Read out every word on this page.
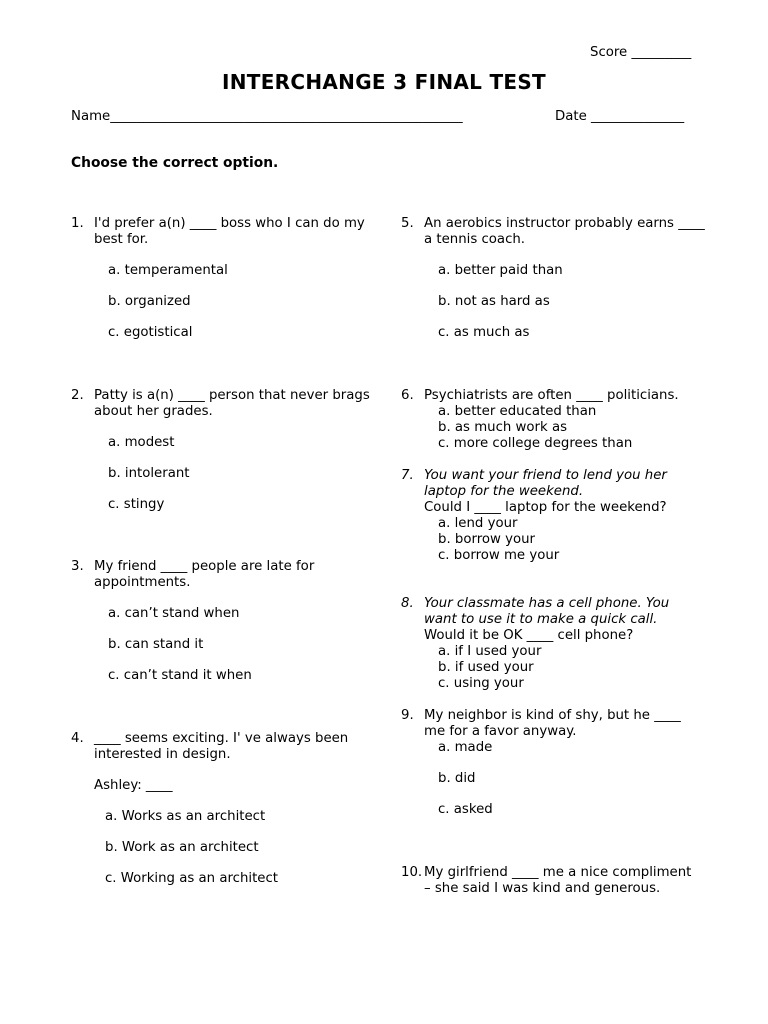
Score _________
INTERCHANGE 3 FINAL TEST
Name_____________________________________________________	Date ______________
Choose the correct option.
1. I'd prefer a(n) ____ boss who I can do my best for.
a. temperamental
b. organized
c. egotistical
2. Patty is a(n) ____ person that never brags about her grades.
a. modest
b. intolerant
c. stingy
3. My friend ____ people are late for appointments.
a. can’t stand when
b. can stand it
c. can’t stand it when
4. ____ seems exciting. I' ve always been interested in design.
Ashley: ____
a. Works as an architect
b. Work as an architect
c. Working as an architect
5. An aerobics instructor probably earns ____ a tennis coach.
a. better paid than
b. not as hard as
c. as much as
6. Psychiatrists are often ____ politicians.
a. better educated than
b. as much work as
c. more college degrees than
7. You want your friend to lend you her laptop for the weekend.
Could I ____ laptop for the weekend?
a. lend your
b. borrow your
c. borrow me your
8. Your classmate has a cell phone. You want to use it to make a quick call.
Would it be OK ____ cell phone?
a. if I used your
b. if used your
c. using your
9. My neighbor is kind of shy, but he ____ me for a favor anyway.
a. made
b. did
c. asked
10. My girlfriend ____ me a nice compliment – she said I was kind and generous.
